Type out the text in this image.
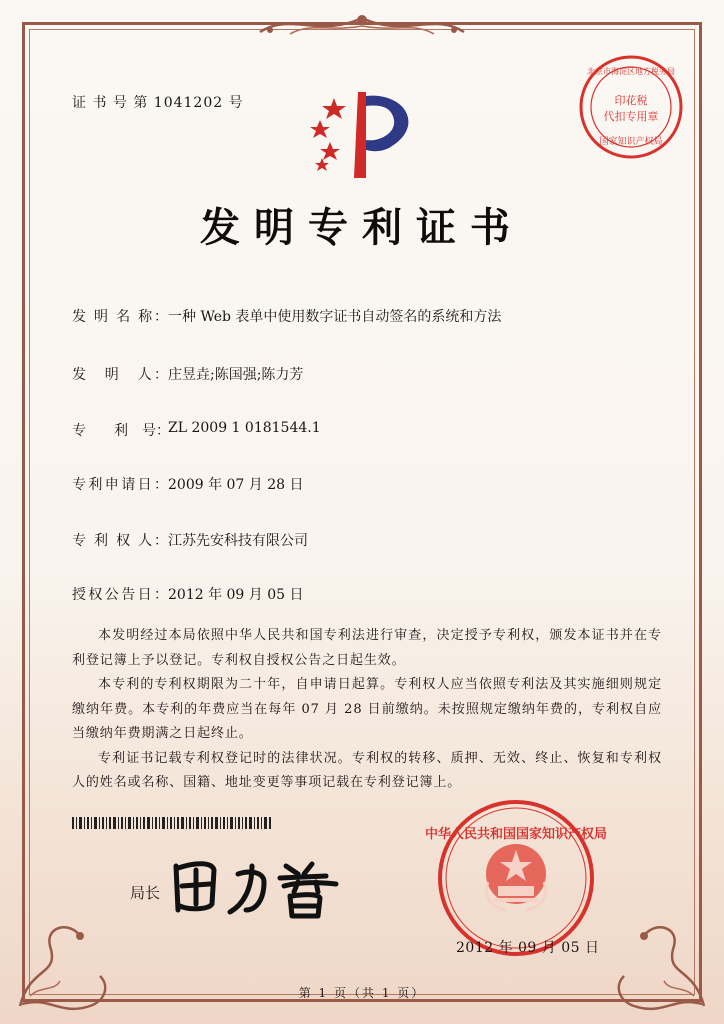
证 书 号 第 1041202 号
发明专利证书
发 明 名 称：一种 Web 表单中使用数字证书自动签名的系统和方法
发　明　人：庄昱垚;陈国强;陈力芳
专　　利　号：ZL 2009 1 0181544.1
专利申请日：2009 年 07 月 28 日
专 利 权 人：江苏先安科技有限公司
授权公告日：2012 年 09 月 05 日

本发明经过本局依照中华人民共和国专利法进行审查，决定授予专利权，颁发本证书并在专利登记簿上予以登记。专利权自授权公告之日起生效。

本专利的专利权期限为二十年，自申请日起算。专利权人应当依照专利法及其实施细则规定缴纳年费。本专利的年费应当在每年 07 月 28 日前缴纳。未按照规定缴纳年费的，专利权自应当缴纳年费期满之日起终止。

专利证书记载专利权登记时的法律状况。专利权的转移、质押、无效、终止、恢复和专利权人的姓名或名称、国籍、地址变更等事项记载在专利登记簿上。

局长
印花税
代扣专用章
北京市海淀区地方税务局
国家知识产权局
中华人民共和国国家知识产权局
2012 年 09 月 05 日
第 1 页（共 1 页）
